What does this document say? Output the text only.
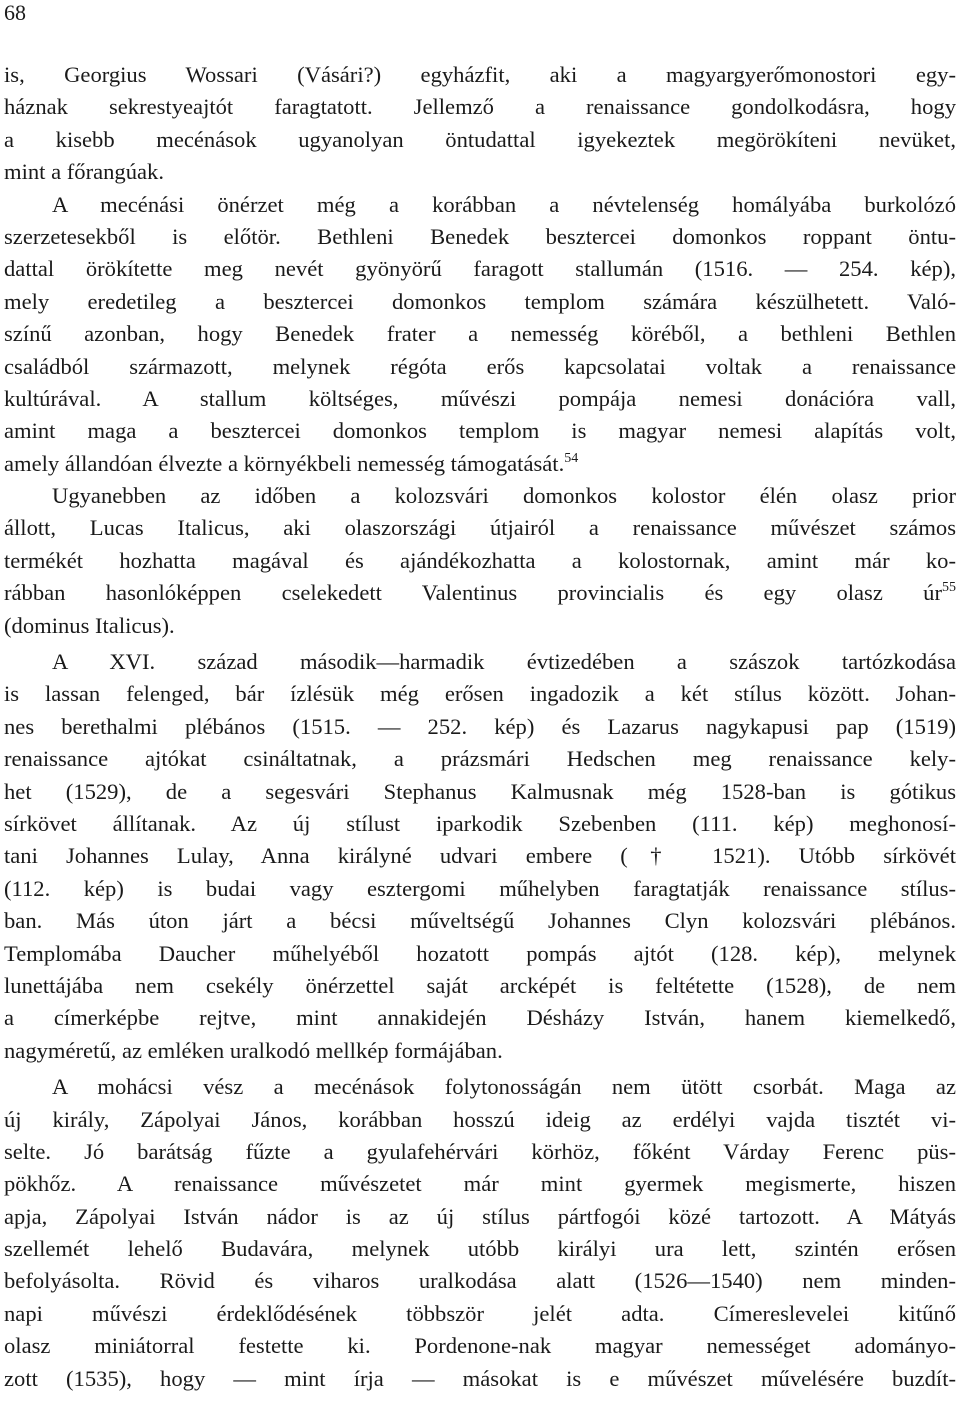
68
is, Georgius Wossari (Vásári?) egyházfit, aki a magyargyerőmonostori egy-
háznak sekrestyeajtót faragtatott. Jellemző a renaissance gondolkodásra, hogy
a kisebb mecénások ugyanolyan öntudattal igyekeztek megörökíteni nevüket,
mint a főrangúak.
A mecénási önérzet még a korábban a névtelenség homályába burkolózó
szerzetesekből is előtör. Bethleni Benedek besztercei domonkos roppant öntu-
dattal örökítette meg nevét gyönyörű faragott stallumán (1516. — 254. kép),
mely eredetileg a besztercei domonkos templom számára készülhetett. Való-
színű azonban, hogy Benedek frater a nemesség köréből, a bethleni Bethlen
családból származott, melynek régóta erős kapcsolatai voltak a renaissance
kultúrával. A stallum költséges, művészi pompája nemesi donációra vall,
amint maga a besztercei domonkos templom is magyar nemesi alapítás volt,
amely állandóan élvezte a környékbeli nemesség támogatását.$^{54}$
Ugyanebben az időben a kolozsvári domonkos kolostor élén olasz prior
állott, Lucas Italicus, aki olaszországi útjairól a renaissance művészet számos
termékét hozhatta magával és ajándékozhatta a kolostornak, amint már ko-
rábban hasonlóképpen cselekedett Valentinus provincialis és egy olasz $úr^{55}$
(dominus Italicus).
A XVI. század második—harmadik évtizedében a szászok tartózkodása
is lassan felenged, bár ízlésük még erősen ingadozik a két stílus között. Johan-
nes berethalmi plébános (1515. — 252. kép) és Lazarus nagykapusi pap (1519)
renaissance ajtókat csináltatnak, a prázsmári Hedschen meg renaissance kely-
het (1529), de a segesvári Stephanus Kalmusnak még 1528-ban is gótikus
sírkövet állítanak. Az új stílust iparkodik Szebenben (111. kép) meghonosí-
tani Johannes Lulay, Anna királyné udvari embere († 1521). Utóbb sírkövét
(112. kép) is budai vagy esztergomi műhelyben faragtatják renaissance stílus-
ban. Más úton járt a bécsi műveltségű Johannes Clyn kolozsvári plébános.
Templomába Daucher műhelyéből hozatott pompás ajtót (128. kép), melynek
lunettájába nem csekély önérzettel saját arcképét is feltétette (1528), de nem
a címerképbe rejtve, mint annakidején Désházy István, hanem kiemelkedő,
nagyméretű, az emléken uralkodó mellkép formájában.
A mohácsi vész a mecénások folytonosságán nem ütött csorbát. Maga az
új király, Zápolyai János, korábban hosszú ideig az erdélyi vajda tisztét vi-
selte. Jó barátság fűzte a gyulafehérvári körhöz, főként Várday Ferenc püs-
pökhőz. A renaissance művészetet már mint gyermek megismerte, hiszen
apja, Zápolyai István nádor is az új stílus pártfogói közé tartozott. A Mátyás
szellemét lehelő Budavára, melynek utóbb királyi ura lett, szintén erősen
befolyásolta. Rövid és viharos uralkodása alatt (1526—1540) nem minden-
napi művészi érdeklődésének többször jelét adta. Címereslevelei kitűnő
olasz miniátorral festette ki. Pordenone-nak magyar nemességet adományo-
zott (1535), hogy — mint írja — másokat is e művészet művelésére buzdít-
